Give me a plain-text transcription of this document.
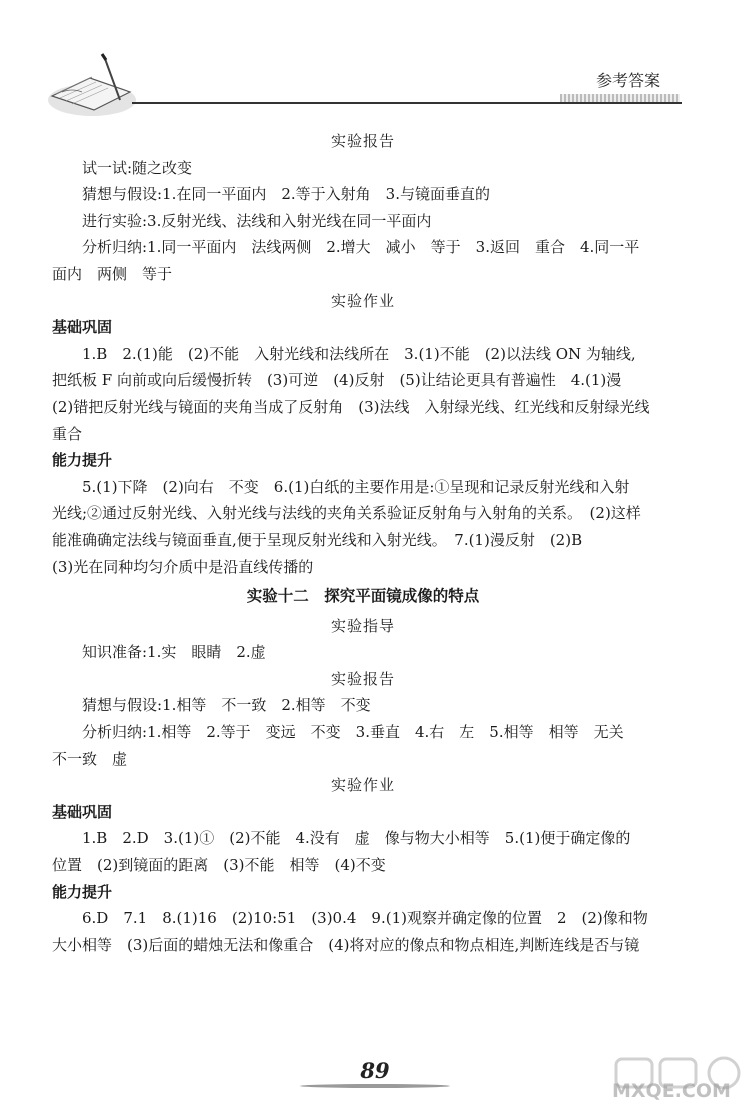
参考答案

实验报告

试一试:随之改变

猜想与假设:1.在同一平面内　2.等于入射角　3.与镜面垂直的

进行实验:3.反射光线、法线和入射光线在同一平面内

分析归纳:1.同一平面内　法线两侧　2.增大　减小　等于　3.返回　重合　4.同一平

面内　两侧　等于

实验作业

基础巩固

1.B　2.(1)能　(2)不能　入射光线和法线所在　3.(1)不能　(2)以法线 ON 为轴线,

把纸板 F 向前或向后缓慢折转　(3)可逆　(4)反射　(5)让结论更具有普遍性　4.(1)漫

(2)错把反射光线与镜面的夹角当成了反射角　(3)法线　入射绿光线、红光线和反射绿光线

重合

能力提升

5.(1)下降　(2)向右　不变　6.(1)白纸的主要作用是:①呈现和记录反射光线和入射

光线;②通过反射光线、入射光线与法线的夹角关系验证反射角与入射角的关系。　(2)这样

能准确确定法线与镜面垂直,便于呈现反射光线和入射光线。　7.(1)漫反射　(2)B

(3)光在同种均匀介质中是沿直线传播的

实验十二　探究平面镜成像的特点

实验指导

知识准备:1.实　眼睛　2.虚

实验报告

猜想与假设:1.相等　不一致　2.相等　不变

分析归纳:1.相等　2.等于　变远　不变　3.垂直　4.右　左　5.相等　相等　无关

不一致　虚

实验作业

基础巩固

1.B　2.D　3.(1)①　(2)不能　4.没有　虚　像与物大小相等　5.(1)便于确定像的

位置　(2)到镜面的距离　(3)不能　相等　(4)不变

能力提升

6.D　7.1　8.(1)16　(2)10:51　(3)0.4　9.(1)观察并确定像的位置　2　(2)像和物

大小相等　(3)后面的蜡烛无法和像重合　(4)将对应的像点和物点相连,判断连线是否与镜

89
MXQE.COM
